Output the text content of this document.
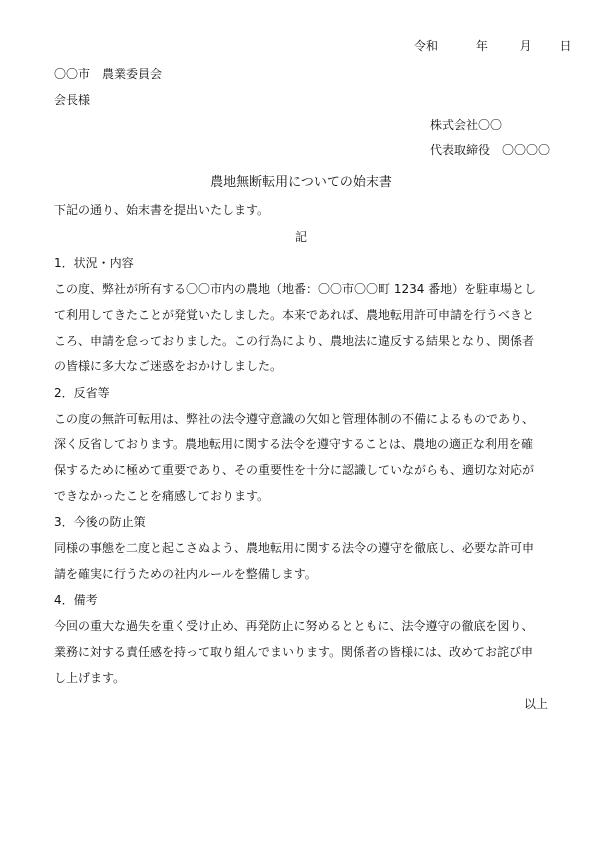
令和	年	月 日
〇〇市　農業委員会
会長様
株式会社〇〇
代表取締役　〇〇〇〇
農地無断転用についての始末書
下記の通り、始末書を提出いたします。
記
1．状況・内容
この度、弊社が所有する〇〇市内の農地（地番：〇〇市〇〇町 1234 番地）を駐車場とし
て利用してきたことが発覚いたしました。本来であれば、農地転用許可申請を行うべきと
ころ、申請を怠っておりました。この行為により、農地法に違反する結果となり、関係者
の皆様に多大なご迷惑をおかけしました。
2．反省等
この度の無許可転用は、弊社の法令遵守意識の欠如と管理体制の不備によるものであり、
深く反省しております。農地転用に関する法令を遵守することは、農地の適正な利用を確
保するために極めて重要であり、その重要性を十分に認識していながらも、適切な対応が
できなかったことを痛感しております。
3．今後の防止策
同様の事態を二度と起こさぬよう、農地転用に関する法令の遵守を徹底し、必要な許可申
請を確実に行うための社内ルールを整備します。
4．備考
今回の重大な過失を重く受け止め、再発防止に努めるとともに、法令遵守の徹底を図り、
業務に対する責任感を持って取り組んでまいります。関係者の皆様には、改めてお詫び申
し上げます。
以上
